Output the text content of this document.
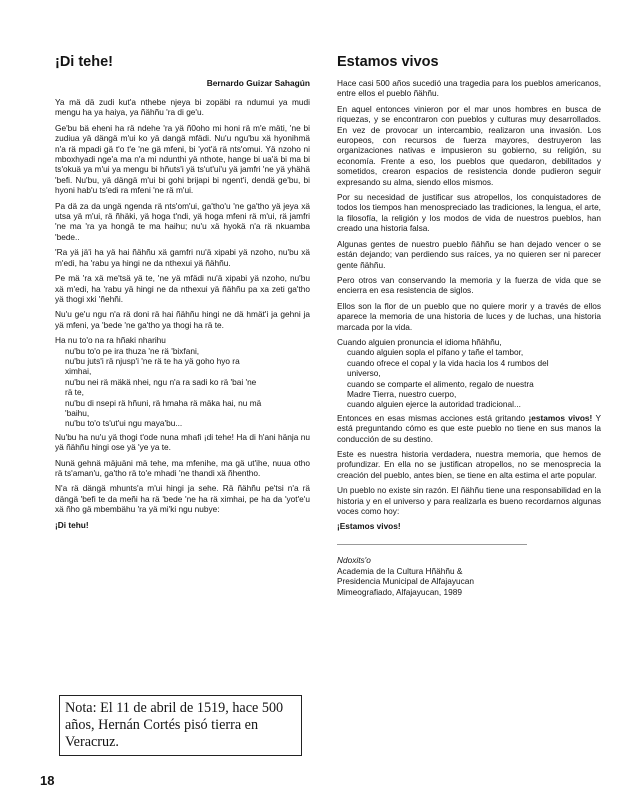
¡Di tehe!
Bernardo Guizar Sahagún

Ya mä dä zudi kut'a nthebe njeya bi zopäbi ra ndumui ya mudi mengu ha ya haiya, ya ñähñu 'ra di ge'u.

Ge'bu bä eheni ha rä ndehe 'ra yä ñ0oho mi honi rä m'e mäti, 'ne bi zudiua yä dängä m'ui ko yä dangä mfädi. Nu'u ngu'bu xä hyonihmä n'a rä mpadi gä t'o t'e 'ne gä mfeni, bi 'yot'ä rä nts'omui. Yä nzoho ni mboxhyadi nge'a ma n'a mi ndunthi yä nthote, hange bi ua'ä bi ma bi ts'okuä ya m'ui ya mengu bi hñuts'i yä ts'ut'ui'u yä jamfri 'ne yä yhähä 'befi. Nu'bu, yä dängä m'ui bi gohi brijapi bi ngent'i, dendä ge'bu, bi hyoni hab'u ts'edi ra mfeni 'ne rä m'ui.

Pa dä za da ungä ngenda rä nts'om'ui, ga'tho'u 'ne ga'tho yä jeya xä utsa yä m'ui, rä ñhäki, yä hoga t'ndi, yä hoga mfeni rä m'ui, rä jamfri 'ne ma 'ra ya hongä te ma haihu; nu'u xä hyokä n'a rä nkuamba 'bede..

'Ra yä jä'i ha yä hai ñähñu xä gamfri nu'ä xipabi yä nzoho, nu'bu xä m'edi, ha 'rabu ya hingi ne da nthexui yä ñähñu.

Pe mä 'ra xä me'tsä yä te, 'ne yä mfädi nu'ä xipabi yä nzoho, nu'bu xä m'edi, ha 'rabu yä hingi ne da nthexui yä ñähñu pa xa zeti ga'tho yä thogi xki 'ñehñi.

Nu'u ge'u ngu n'a rä doni rä hai ñähñu hingi ne dä hmät'i ja gehni ja yä mfeni, ya 'bede 'ne ga'tho ya thogi ha rä te.

Ha nu to'o na ra hñaki nharihu
nu'bu to'o pe ira thuza 'ne rä 'bixfani,
nu'bu juts'i rä njusp'i 'ne rä te ha yä goho hyo ra
ximhai,
nu'bu nei rä mäkä nhei, ngu n'a ra sadi ko rä 'bai 'ne
rä te,
nu'bu di nsepi rä hñuni, rä hmaha rä mäka hai, nu mä
'baihu,
nu'bu to'o ts'ut'ui ngu maya'bu...

Nu'bu ha nu'u yä thogi t'ode nuna mhafi ¡di tehe! Ha di h'ani hänja nu yä ñähñu hingi ose yä 'ye ya te.

Nunä gehnä mäjuäni mä tehe, ma mfenihe, ma gä ut'ihe, nuua otho rä ts'aman'u, ga'tho rä to'e mhadi 'ne thandi xä ñhentho.

N'a rä dängä mhunts'a m'ui hingi ja sehe. Rä ñähñu pe'tsi n'a rä dängä 'befi te da meñi ha rä 'bede 'ne ha rä ximhai, pe ha da 'yot'e'u xä ñho gä mbembähu 'ra yä mi'ki ngu nubye:

¡Di tehu!

Nota: El 11 de abril de 1519, hace 500 años, Hernán Cortés pisó tierra en Veracruz.
18
Estamos vivos

Hace casi 500 años sucedió una tragedia para los pueblos americanos, entre ellos el pueblo ñähñu.

En aquel entonces vinieron por el mar unos hombres en busca de riquezas, y se encontraron con pueblos y culturas muy desarrollados. En vez de provocar un intercambio, realizaron una invasión. Los europeos, con recursos de fuerza mayores, destruyeron las organizaciones nativas e impusieron su gobierno, su religión, su economía. Frente a eso, los pueblos que quedaron, debilitados y sometidos, crearon espacios de resistencia donde pudieron seguir expresando su alma, siendo ellos mismos.

Por su necesidad de justificar sus atropellos, los conquistadores de todos los tiempos han menospreciado las tradiciones, la lengua, el arte, la filosofía, la religión y los modos de vida de nuestros pueblos, han creado una historia falsa.

Algunas gentes de nuestro pueblo ñähñu se han dejado vencer o se están dejando; van perdiendo sus raíces, ya no quieren ser ni parecer gente ñähñu.

Pero otros van conservando la memoria y la fuerza de vida que se encierra en esa resistencia de siglos.

Ellos son la flor de un pueblo que no quiere morir y a través de ellos aparece la memoria de una historia de luces y de luchas, una historia marcada por la vida.

Cuando alguien pronuncia el idioma hñähñu,
cuando alguien sopla el pífano y tañe el tambor,
cuando ofrece el copal y la vida hacia los 4 rumbos del
universo,
cuando se comparte el alimento, regalo de nuestra
Madre Tierra, nuestro cuerpo,
cuando alguien ejerce la autoridad tradicional...

Entonces en esas mismas acciones está gritando ¡estamos vivos! Y está preguntando cómo es que este pueblo no tiene en sus manos la conducción de su destino.

Este es nuestra historia verdadera, nuestra memoria, que hemos de profundizar. En ella no se justifican atropellos, no se menosprecia la creación del pueblo, antes bien, se tiene en alta estima el arte popular.

Un pueblo no existe sin razón. El ñähñu tiene una responsabilidad en la historia y en el universo y para realizarla es bueno recordarnos algunas voces como hoy:

¡Estamos vivos!

Ndoxits'o
Academia de la Cultura Hñähñu &
Presidencia Municipal de Alfajayucan
Mimeografiado, Alfajayucan, 1989
